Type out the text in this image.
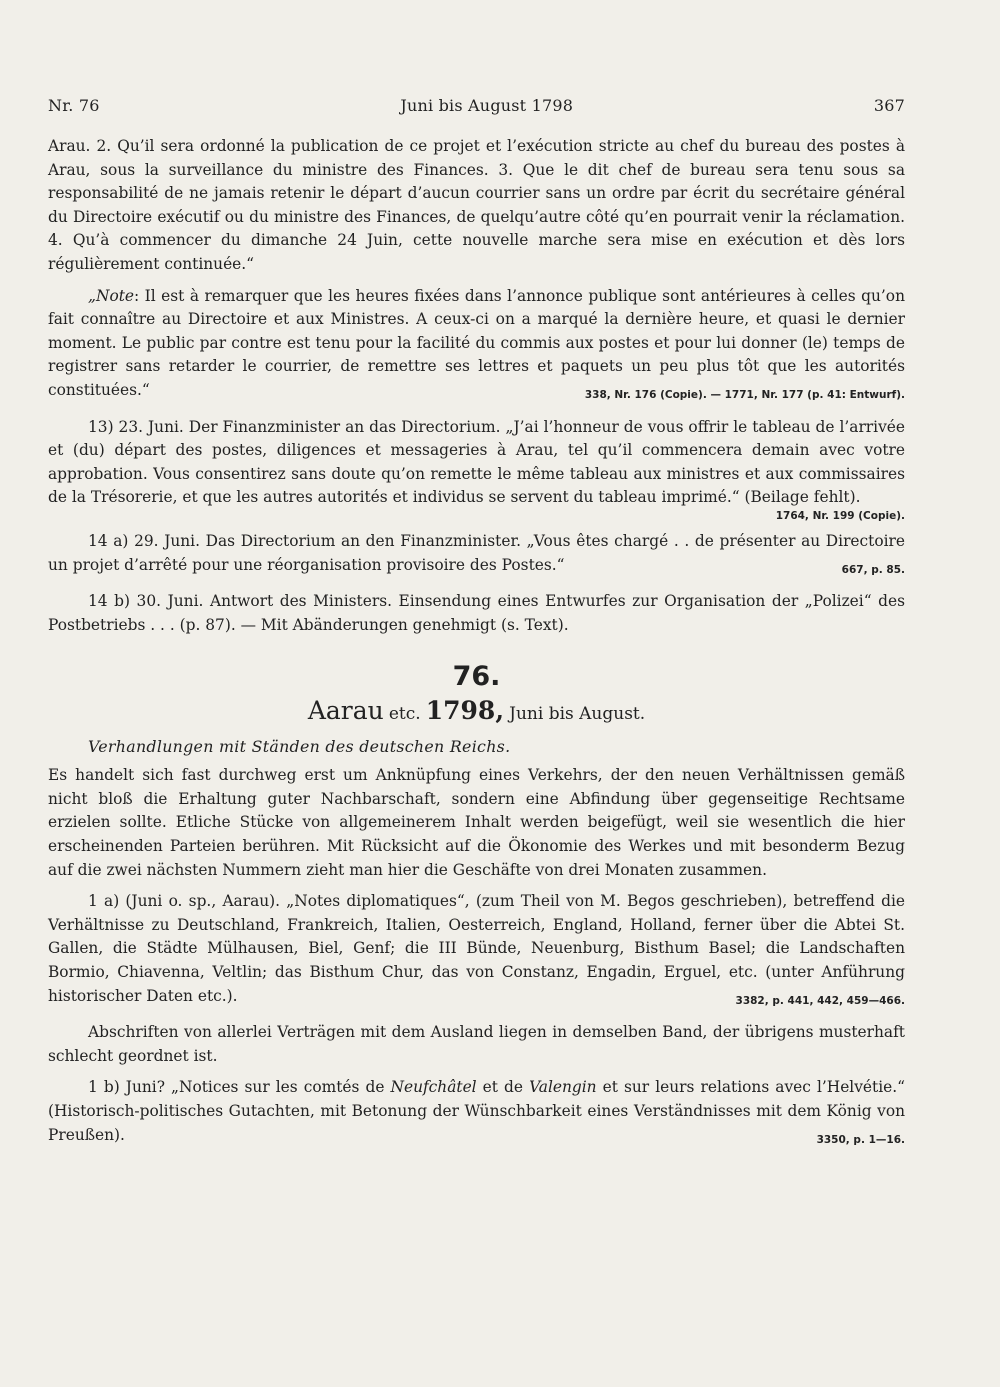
Nr. 76	Juni bis August 1798	367

Arau. 2. Qu’il sera ordonné la publication de ce projet et l’exécution stricte au chef du bureau des postes à Arau, sous la surveillance du ministre des Finances. 3. Que le dit chef de bureau sera tenu sous sa responsabilité de ne jamais retenir le départ d’aucun courrier sans un ordre par écrit du secrétaire général du Directoire exécutif ou du ministre des Finances, de quelqu’autre côté qu’en pourrait venir la réclamation. 4. Qu’à commencer du dimanche 24 Juin, cette nouvelle marche sera mise en exécution et dès lors régulièrement continuée.“

„Note: Il est à remarquer que les heures fixées dans l’annonce publique sont antérieures à celles qu’on fait connaître au Directoire et aux Ministres. A ceux-ci on a marqué la dernière heure, et quasi le dernier moment. Le public par contre est tenu pour la facilité du commis aux postes et pour lui donner (le) temps de registrer sans retarder le courrier, de remettre ses lettres et paquets un peu plus tôt que les autorités constituées.“	338, Nr. 176 (Copie). — 1771, Nr. 177 (p. 41: Entwurf).

13) 23. Juni. Der Finanzminister an das Directorium. „J’ai l’honneur de vous offrir le tableau de l’arrivée et (du) départ des postes, diligences et messageries à Arau, tel qu’il commencera demain avec votre approbation. Vous consentirez sans doute qu’on remette le même tableau aux ministres et aux commissaires de la Trésorerie, et que les autres autorités et individus se servent du tableau imprimé.“ (Beilage fehlt).

1764, Nr. 199 (Copie).

14 a) 29. Juni. Das Directorium an den Finanzminister. „Vous êtes chargé . . de présenter au Directoire un projet d’arrêté pour une réorganisation provisoire des Postes.“	667, p. 85.

14 b) 30. Juni. Antwort des Ministers. Einsendung eines Entwurfes zur Organisation der „Polizei“ des Postbetriebs . . . (p. 87). — Mit Abänderungen genehmigt (s. Text).

76.
Aarau etc. 1798, Juni bis August.
Verhandlungen mit Ständen des deutschen Reichs.

Es handelt sich fast durchweg erst um Anknüpfung eines Verkehrs, der den neuen Verhältnissen gemäß nicht bloß die Erhaltung guter Nachbarschaft, sondern eine Abfindung über gegenseitige Rechtsame erzielen sollte. Etliche Stücke von allgemeinerem Inhalt werden beigefügt, weil sie wesentlich die hier erscheinenden Parteien berühren. Mit Rücksicht auf die Ökonomie des Werkes und mit besonderm Bezug auf die zwei nächsten Nummern zieht man hier die Geschäfte von drei Monaten zusammen.

1 a) (Juni o. sp., Aarau). „Notes diplomatiques“, (zum Theil von M. Begos geschrieben), betreffend die Verhältnisse zu Deutschland, Frankreich, Italien, Oesterreich, England, Holland, ferner über die Abtei St. Gallen, die Städte Mülhausen, Biel, Genf; die III Bünde, Neuenburg, Bisthum Basel; die Landschaften Bormio, Chiavenna, Veltlin; das Bisthum Chur, das von Constanz, Engadin, Erguel, etc. (unter Anführung historischer Daten etc.).	3382, p. 441, 442, 459—466.

Abschriften von allerlei Verträgen mit dem Ausland liegen in demselben Band, der übrigens musterhaft schlecht geordnet ist.

1 b) Juni? „Notices sur les comtés de Neufchâtel et de Valengin et sur leurs relations avec l’Helvétie.“ (Historisch-politisches Gutachten, mit Betonung der Wünschbarkeit eines Verständnisses mit dem König von Preußen).	3350, p. 1—16.
